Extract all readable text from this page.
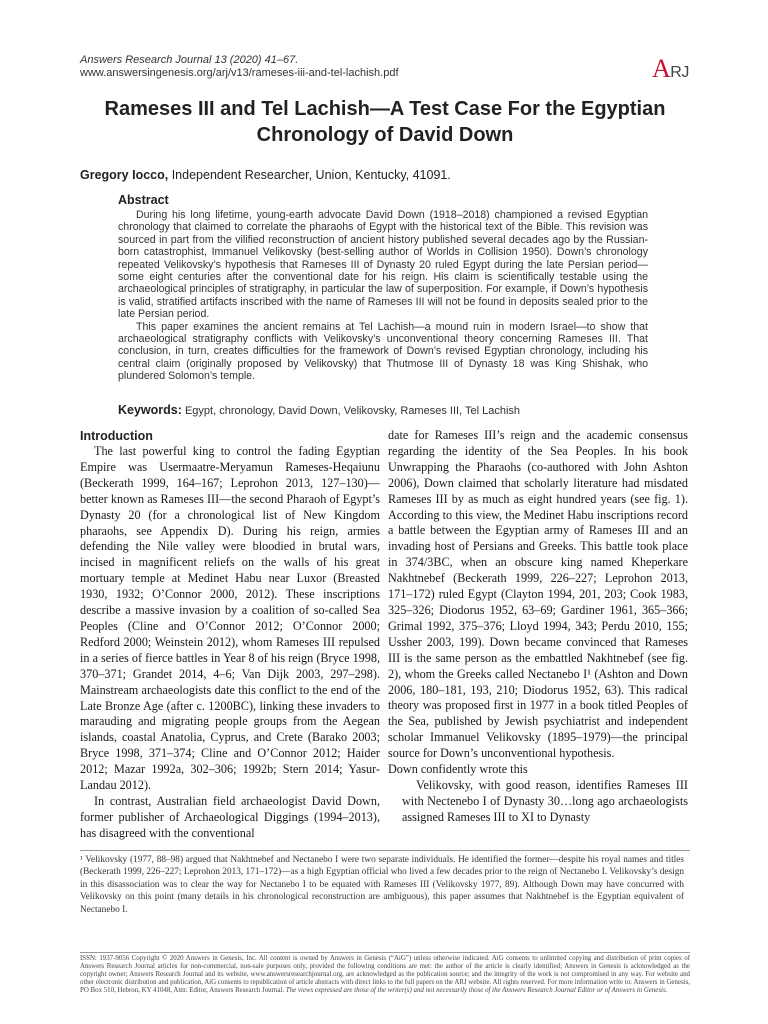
Answers Research Journal 13 (2020) 41–67.
www.answersingenesis.org/arj/v13/rameses-iii-and-tel-lachish.pdf	ARJ
Rameses III and Tel Lachish—A Test Case For the Egyptian Chronology of David Down
Gregory Iocco, Independent Researcher, Union, Kentucky, 41091.
Abstract

During his long lifetime, young-earth advocate David Down (1918–2018) championed a revised Egyptian chronology that claimed to correlate the pharaohs of Egypt with the historical text of the Bible. This revision was sourced in part from the vilified reconstruction of ancient history published several decades ago by the Russian-born catastrophist, Immanuel Velikovsky (best-selling author of Worlds in Collision 1950). Down’s chronology repeated Velikovsky’s hypothesis that Rameses III of Dynasty 20 ruled Egypt during the late Persian period—some eight centuries after the conventional date for his reign. His claim is scientifically testable using the archaeological principles of stratigraphy, in particular the law of superposition. For example, if Down’s hypothesis is valid, stratified artifacts inscribed with the name of Rameses III will not be found in deposits sealed prior to the late Persian period.

This paper examines the ancient remains at Tel Lachish—a mound ruin in modern Israel—to show that archaeological stratigraphy conflicts with Velikovsky’s unconventional theory concerning Rameses III. That conclusion, in turn, creates difficulties for the framework of Down’s revised Egyptian chronology, including his central claim (originally proposed by Velikovsky) that Thutmose III of Dynasty 18 was King Shishak, who plundered Solomon’s temple.

Keywords: Egypt, chronology, David Down, Velikovsky, Rameses III, Tel Lachish
Introduction

The last powerful king to control the fading Egyptian Empire was Usermaatre-Meryamun Rameses-Heqaiunu (Beckerath 1999, 164–167; Leprohon 2013, 127–130)—better known as Rameses III—the second Pharaoh of Egypt’s Dynasty 20 (for a chronological list of New Kingdom pharaohs, see Appendix D). During his reign, armies defending the Nile valley were bloodied in brutal wars, incised in magnificent reliefs on the walls of his great mortuary temple at Medinet Habu near Luxor (Breasted 1930, 1932; O’Connor 2000, 2012). These inscriptions describe a massive invasion by a coalition of so-called Sea Peoples (Cline and O’Connor 2012; O’Connor 2000; Redford 2000; Weinstein 2012), whom Rameses III repulsed in a series of fierce battles in Year 8 of his reign (Bryce 1998, 370–371; Grandet 2014, 4–6; Van Dijk 2003, 297–298). Mainstream archaeologists date this conflict to the end of the Late Bronze Age (after c. 1200BC), linking these invaders to marauding and migrating people groups from the Aegean islands, coastal Anatolia, Cyprus, and Crete (Barako 2003; Bryce 1998, 371–374; Cline and O’Connor 2012; Haider 2012; Mazar 1992a, 302–306; 1992b; Stern 2014; Yasur-Landau 2012).

In contrast, Australian field archaeologist David Down, former publisher of Archaeological Diggings (1994–2013), has disagreed with the conventional

date for Rameses III’s reign and the academic consensus regarding the identity of the Sea Peoples. In his book Unwrapping the Pharaohs (co-authored with John Ashton 2006), Down claimed that scholarly literature had misdated Rameses III by as much as eight hundred years (see fig. 1). According to this view, the Medinet Habu inscriptions record a battle between the Egyptian army of Rameses III and an invading host of Persians and Greeks. This battle took place in 374/3BC, when an obscure king named Kheperkare Nakhtnebef (Beckerath 1999, 226–227; Leprohon 2013, 171–172) ruled Egypt (Clayton 1994, 201, 203; Cook 1983, 325–326; Diodorus 1952, 63–69; Gardiner 1961, 365–366; Grimal 1992, 375–376; Lloyd 1994, 343; Perdu 2010, 155; Ussher 2003, 199). Down became convinced that Rameses III is the same person as the embattled Nakhtnebef (see fig. 2), whom the Greeks called Nectanebo I¹ (Ashton and Down 2006, 180–181, 193, 210; Diodorus 1952, 63). This radical theory was proposed first in 1977 in a book titled Peoples of the Sea, published by Jewish psychiatrist and independent scholar Immanuel Velikovsky (1895–1979)—the principal source for Down’s unconventional hypothesis.

Down confidently wrote this

Velikovsky, with good reason, identifies Rameses III with Nectenebo I of Dynasty 30…long ago archaeologists assigned Rameses III to XI to Dynasty

¹ Velikovsky (1977, 88–98) argued that Nakhtnebef and Nectanebo I were two separate individuals. He identified the former—despite his royal names and titles (Beckerath 1999, 226–227; Leprohon 2013, 171–172)—as a high Egyptian official who lived a few decades prior to the reign of Nectanebo I. Velikovsky’s design in this disassociation was to clear the way for Nectanebo I to be equated with Rameses III (Velikovsky 1977, 89). Although Down may have concurred with Velikovsky on this point (many details in his chronological reconstruction are ambiguous), this paper assumes that Nakhtnebef is the Egyptian equivalent of Nectanebo I.
ISSN: 1937-9056 Copyright © 2020 Answers in Genesis, Inc. All content is owned by Answers in Genesis (“AiG”) unless otherwise indicated. AiG consents to unlimited copying and distribution of print copies of Answers Research Journal articles for non-commercial, non-sale purposes only, provided the following conditions are met: the author of the article is clearly identified; Answers in Genesis is acknowledged as the copyright owner; Answers Research Journal and its website, www.answersresearchjournal.org, are acknowledged as the publication source; and the integrity of the work is not compromised in any way. For website and other electronic distribution and publication, AiG consents to republication of article abstracts with direct links to the full papers on the ARJ website. All rights reserved. For more information write to: Answers in Genesis, PO Box 510, Hebron, KY 41048, Attn: Editor, Answers Research Journal. The views expressed are those of the writer(s) and not necessarily those of the Answers Research Journal Editor or of Answers in Genesis.
